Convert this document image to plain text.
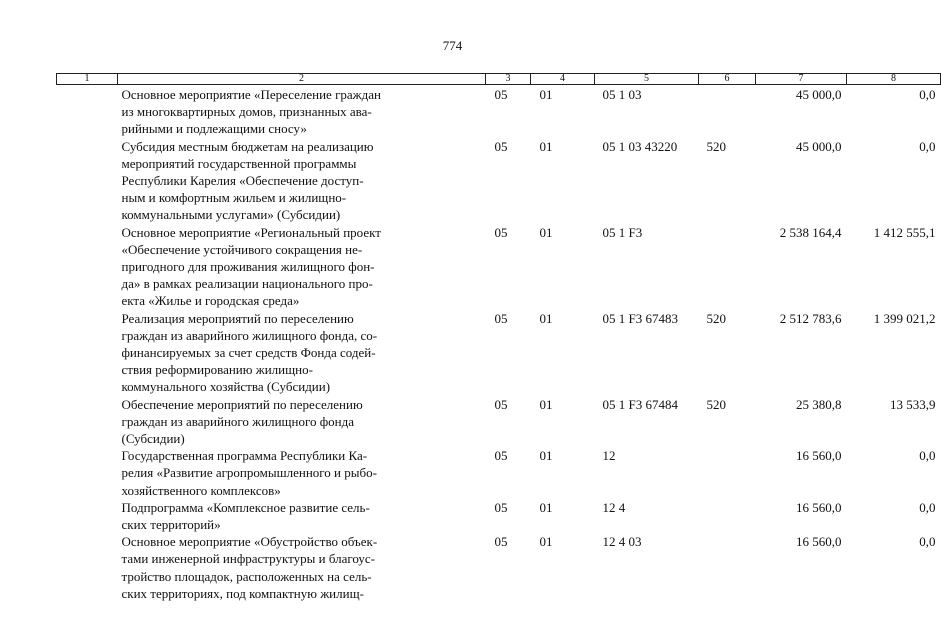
774
1	2	3	4	5	6	7	8
	Основное мероприятие «Переселение граждан
из многоквартирных домов, признанных ава-
рийными и подлежащими сносу»	05	01	05 1 03		45 000,0	0,0
	Субсидия местным бюджетам на реализацию
мероприятий государственной программы
Республики Карелия «Обеспечение доступ-
ным и комфортным жильем и жилищно-
коммунальными услугами» (Субсидии)	05	01	05 1 03 43220	520	45 000,0	0,0
	Основное мероприятие «Региональный проект
«Обеспечение устойчивого сокращения не-
пригодного для проживания жилищного фон-
да» в рамках реализации национального про-
екта «Жилье и городская среда»	05	01	05 1 F3		2 538 164,4	1 412 555,1
	Реализация мероприятий по переселению
граждан из аварийного жилищного фонда, со-
финансируемых за счет средств Фонда содей-
ствия реформированию жилищно-
коммунального хозяйства (Субсидии)	05	01	05 1 F3 67483	520	2 512 783,6	1 399 021,2
	Обеспечение мероприятий по переселению
граждан из аварийного жилищного фонда
(Субсидии)	05	01	05 1 F3 67484	520	25 380,8	13 533,9
	Государственная программа Республики Ка-
релия «Развитие агропромышленного и рыбо-
хозяйственного комплексов»	05	01	12		16 560,0	0,0
	Подпрограмма «Комплексное развитие сель-
ских территорий»	05	01	12 4		16 560,0	0,0
	Основное мероприятие «Обустройство объек-
тами инженерной инфраструктуры и благоус-
тройство площадок, расположенных на сель-
ских территориях, под компактную жилищ-	05	01	12 4 03		16 560,0	0,0
